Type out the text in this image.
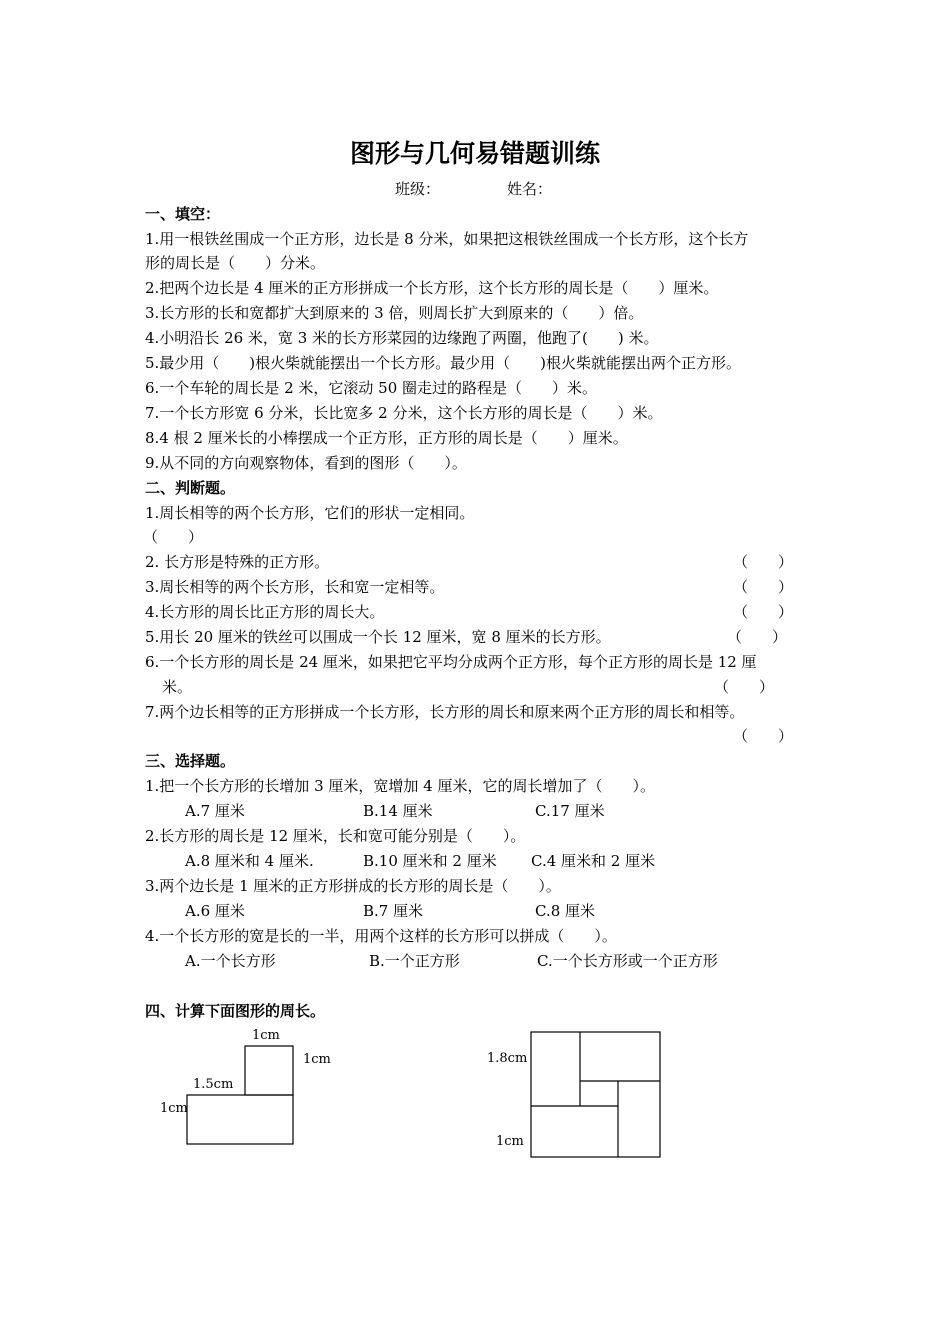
图形与几何易错题训练
班级：	姓名：
一、填空：
1.用一根铁丝围成一个正方形，边长是 8 分米，如果把这根铁丝围成一个长方形，这个长方
形的周长是（　　）分米。
2.把两个边长是 4 厘米的正方形拼成一个长方形，这个长方形的周长是（　　）厘米。
3.长方形的长和宽都扩大到原来的 3 倍，则周长扩大到原来的（　　）倍。
4.小明沿长 26 米，宽 3 米的长方形菜园的边缘跑了两圈，他跑了(　　) 米。
5.最少用（　　)根火柴就能摆出一个长方形。最少用（　　)根火柴就能摆出两个正方形。
6.一个车轮的周长是 2 米，它滚动 50 圈走过的路程是（　　）米。
7.一个长方形宽 6 分米，长比宽多 2 分米，这个长方形的周长是（　　）米。
8.4 根 2 厘米长的小棒摆成一个正方形，正方形的周长是（　　）厘米。
9.从不同的方向观察物体，看到的图形（　　）。
二、判断题。
1.周长相等的两个长方形，它们的形状一定相同。
（　　）
2. 长方形是特殊的正方形。	（　　）
3.周长相等的两个长方形，长和宽一定相等。	（　　）
4.长方形的周长比正方形的周长大。	（　　）
5.用长 20 厘米的铁丝可以围成一个长 12 厘米，宽 8 厘米的长方形。	（　　）
6.一个长方形的周长是 24 厘米，如果把它平均分成两个正方形，每个正方形的周长是 12 厘
米。	（　　）
7.两个边长相等的正方形拼成一个长方形，长方形的周长和原来两个正方形的周长和相等。
（　　）
三、选择题。
1.把一个长方形的长增加 3 厘米，宽增加 4 厘米，它的周长增加了（　　）。
A.7 厘米	B.14 厘米	C.17 厘米
2.长方形的周长是 12 厘米，长和宽可能分别是（　　）。
A.8 厘米和 4 厘米.	B.10 厘米和 2 厘米 C.4 厘米和 2 厘米
3.两个边长是 1 厘米的正方形拼成的长方形的周长是（　　）。
A.6 厘米	B.7 厘米	C.8 厘米
4.一个长方形的宽是长的一半，用两个这样的长方形可以拼成（　　）。
A.一个长方形	B.一个正方形	C.一个长方形或一个正方形
四、计算下面图形的周长。
1cm
1cm
1.5cm
1cm
1.8cm
1cm
